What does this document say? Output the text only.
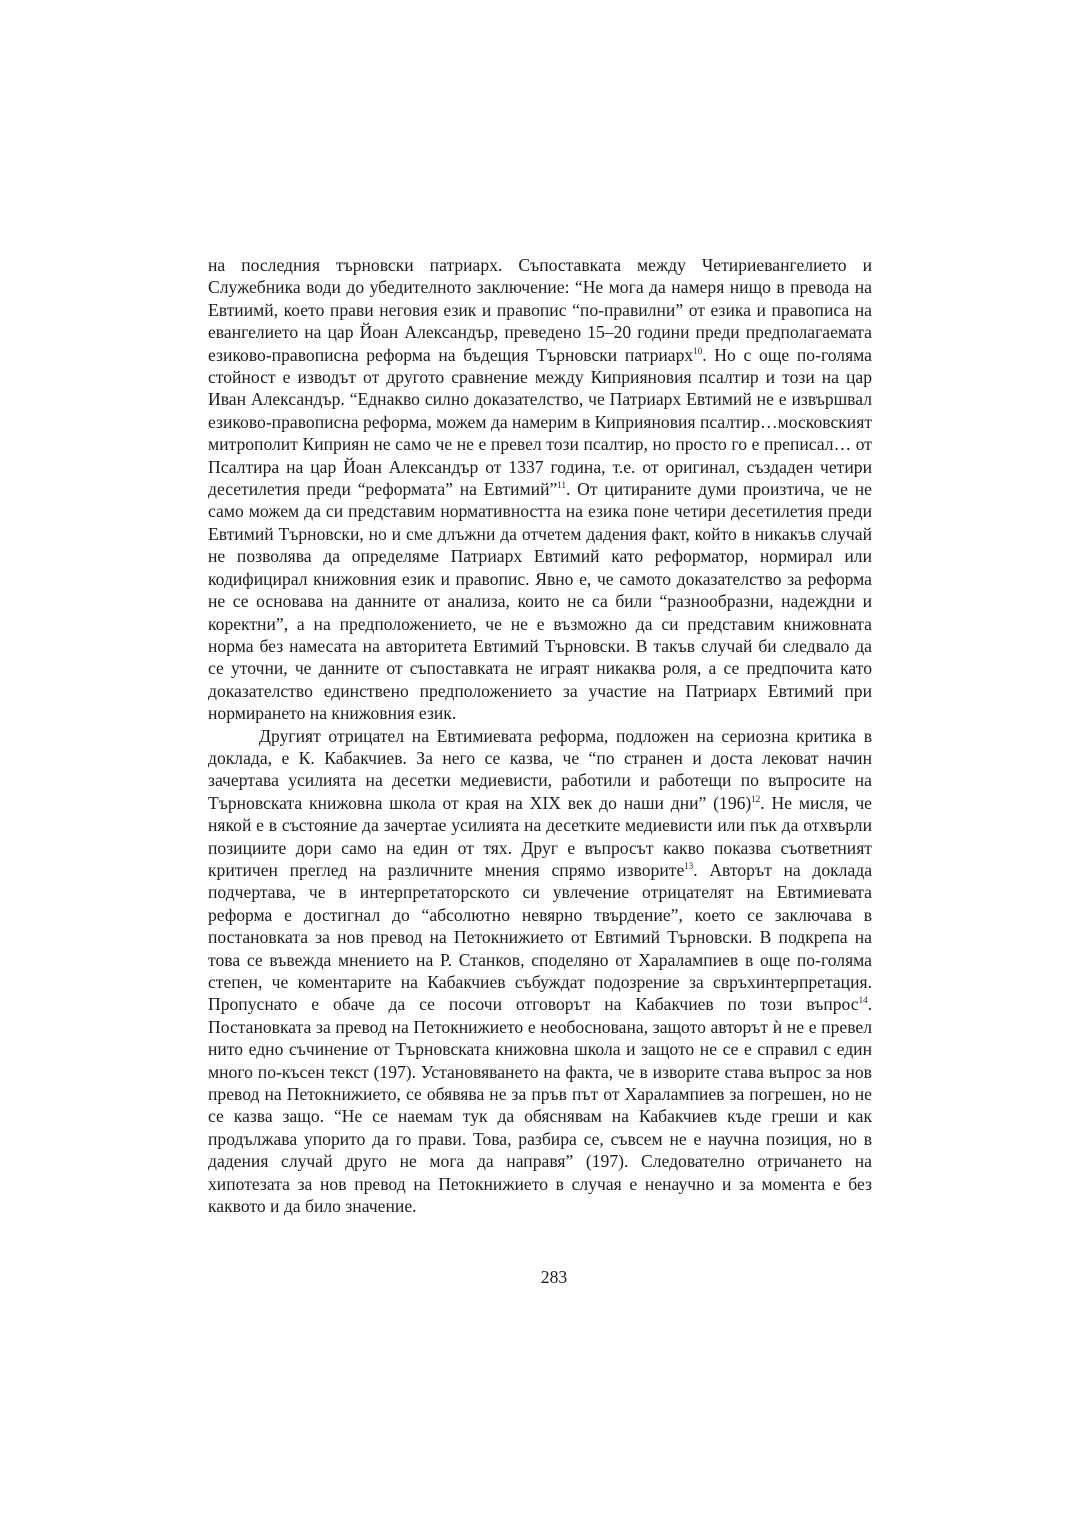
на последния търновски патриарх. Съпоставката между Четириевангелието и Служебника води до убедителното заключение: “Не мога да намеря нищо в превода на Евтиимй, което прави неговия език и правопис “по-правилни” от езика и правописа на евангелието на цар Йоан Александър, преведено 15–20 години преди предполагаемата езиково-правописна реформа на бъдещия Търновски патриарх$^{10}$. Но с още по-голяма стойност е изводът от другото сравнение между Киприяновия псалтир и този на цар Иван Александър. “Еднакво силно доказателство, че Патриарх Евтимий не е извършвал езиково-правописна реформа, можем да намерим в Киприяновия псалтир…московският митрополит Киприян не само че не е превел този псалтир, но просто го е преписал… от Псалтира на цар Йоан Александър от 1337 година, т.е. от оригинал, създаден четири десетилетия преди “реформата” на Евтимий”$^{11}$. От цитираните думи произтича, че не само можем да си представим нормативността на езика поне четири десетилетия преди Евтимий Търновски, но и сме длъжни да отчетем дадения факт, който в никакъв случай не позволява да определяме Патриарх Евтимий като реформатор, нормирал или кодифицирал книжовния език и правопис. Явно е, че самото доказателство за реформа не се основава на данните от анализа, които не са били “разнообразни, надеждни и коректни”, а на предположението, че не е възможно да си представим книжовната норма без намесата на авторитета Евтимий Търновски. В такъв случай би следвало да се уточни, че данните от съпоставката не играят никаква роля, а се предпочита като доказателство единствено предположението за участие на Патриарх Евтимий при нормирането на книжовния език.

Другият отрицател на Евтимиевата реформа, подложен на сериозна критика в доклада, е К. Кабакчиев. За него се казва, че “по странен и доста лековат начин зачертава усилията на десетки медиевисти, работили и работещи по въпросите на Търновската книжовна школа от края на XIX век до наши дни” (196)$^{12}$. Не мисля, че някой е в състояние да зачертае усилията на десетките медиевисти или пък да отхвърли позициите дори само на един от тях. Друг е въпросът какво показва съответният критичен преглед на различните мнения спрямо изворите$^{13}$. Авторът на доклада подчертава, че в интерпретаторското си увлечение отрицателят на Евтимиевата реформа е достигнал до “абсолютно невярно твърдение”, което се заключава в постановката за нов превод на Петокнижието от Евтимий Търновски. В подкрепа на това се въвежда мнението на Р. Станков, споделяно от Харалампиев в още по-голяма степен, че коментарите на Кабакчиев събуждат подозрение за свръхинтерпретация. Пропуснато е обаче да се посочи отговорът на Кабакчиев по този въпрос$^{14}$. Постановката за превод на Петокнижието е необоснована, защото авторът ѝ не е превел нито едно съчинение от Търновската книжовна школа и защото не се е справил с един много по-късен текст (197). Установяването на факта, че в изворите става въпрос за нов превод на Петокнижието, се обявява не за пръв път от Харалампиев за погрешен, но не се казва защо. “Не се наемам тук да обяснявам на Кабакчиев къде греши и как продължава упорито да го прави. Това, разбира се, съвсем не е научна позиция, но в дадения случай друго не мога да направя” (197). Следователно отричането на хипотезата за нов превод на Петокнижието в случая е ненаучно и за момента е без каквото и да било значение.

283
